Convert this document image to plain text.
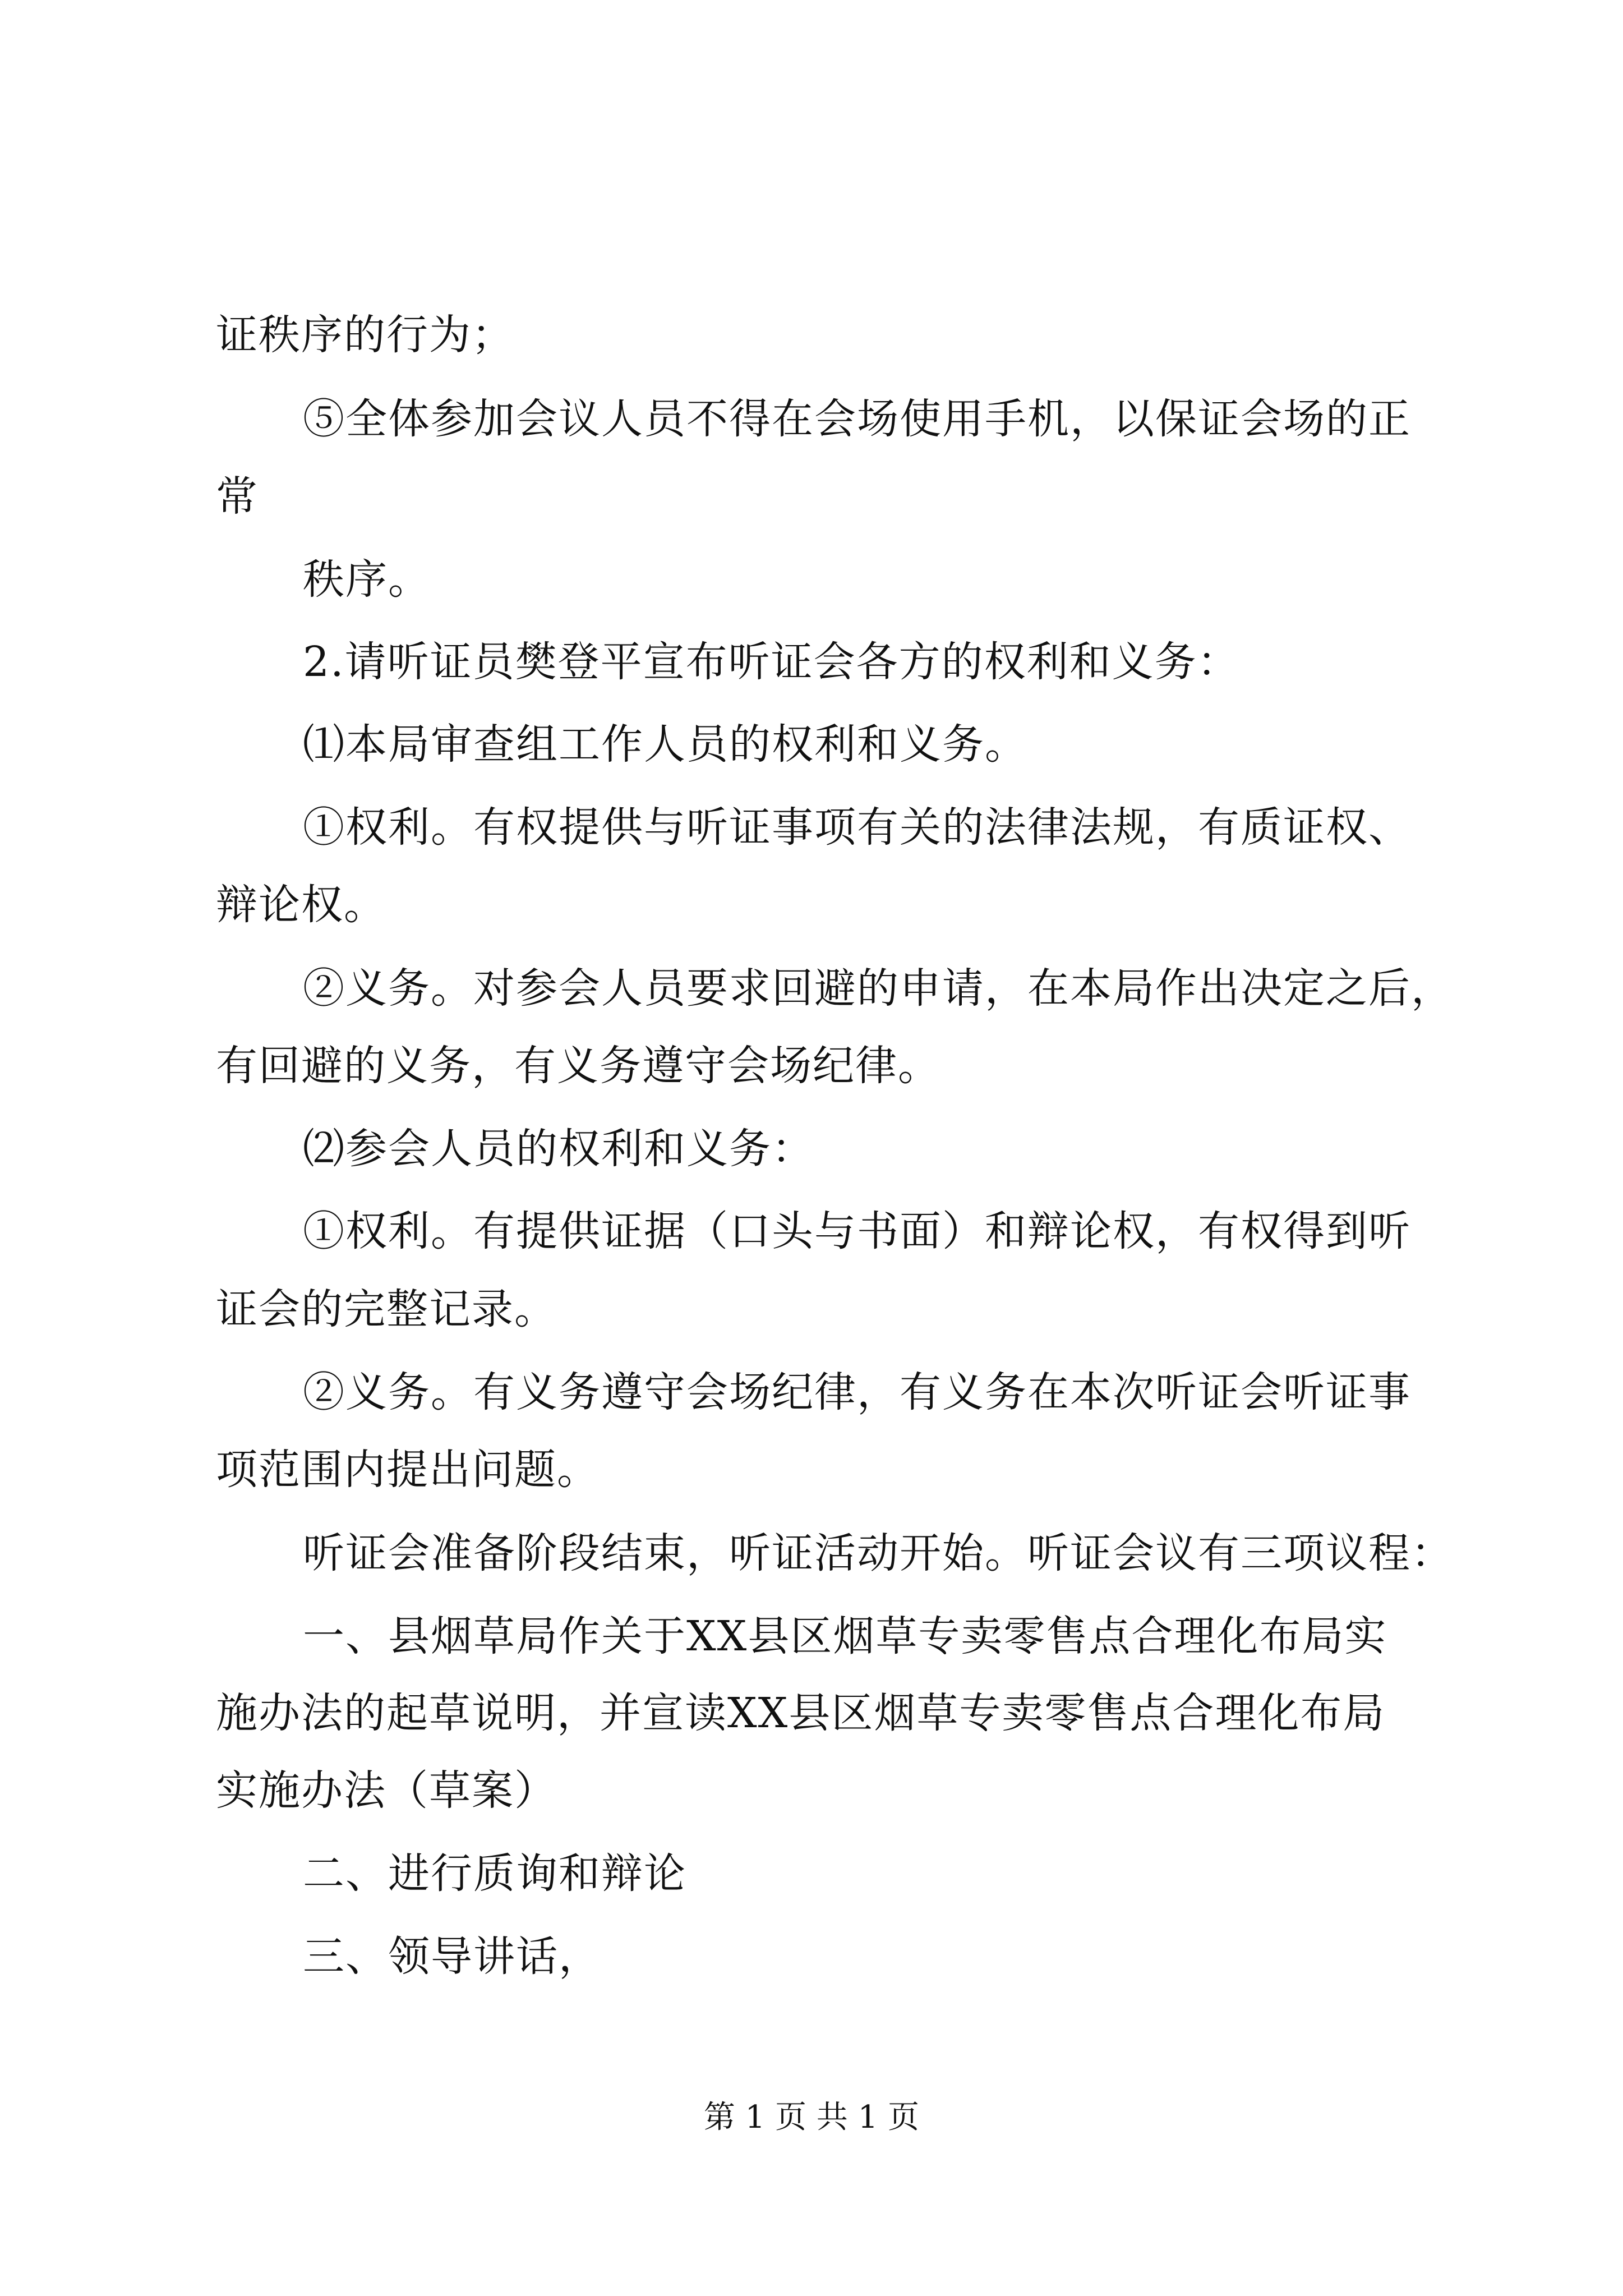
证秩序的行为；
⑤全体参加会议人员不得在会场使用手机，以保证会场的正
常
秩序。
2.请听证员樊登平宣布听证会各方的权利和义务：
⑴本局审查组工作人员的权利和义务。
①权利。有权提供与听证事项有关的法律法规，有质证权、
辩论权。
②义务。对参会人员要求回避的申请，在本局作出决定之后，
有回避的义务，有义务遵守会场纪律。
⑵参会人员的权利和义务：
①权利。有提供证据（口头与书面）和辩论权，有权得到听
证会的完整记录。
②义务。有义务遵守会场纪律，有义务在本次听证会听证事
项范围内提出问题。
听证会准备阶段结束，听证活动开始。听证会议有三项议程：
一、县烟草局作关于XX县区烟草专卖零售点合理化布局实
施办法的起草说明，并宣读XX县区烟草专卖零售点合理化布局
实施办法（草案）
二、进行质询和辩论
三、领导讲话，
第 1 页 共 1 页
